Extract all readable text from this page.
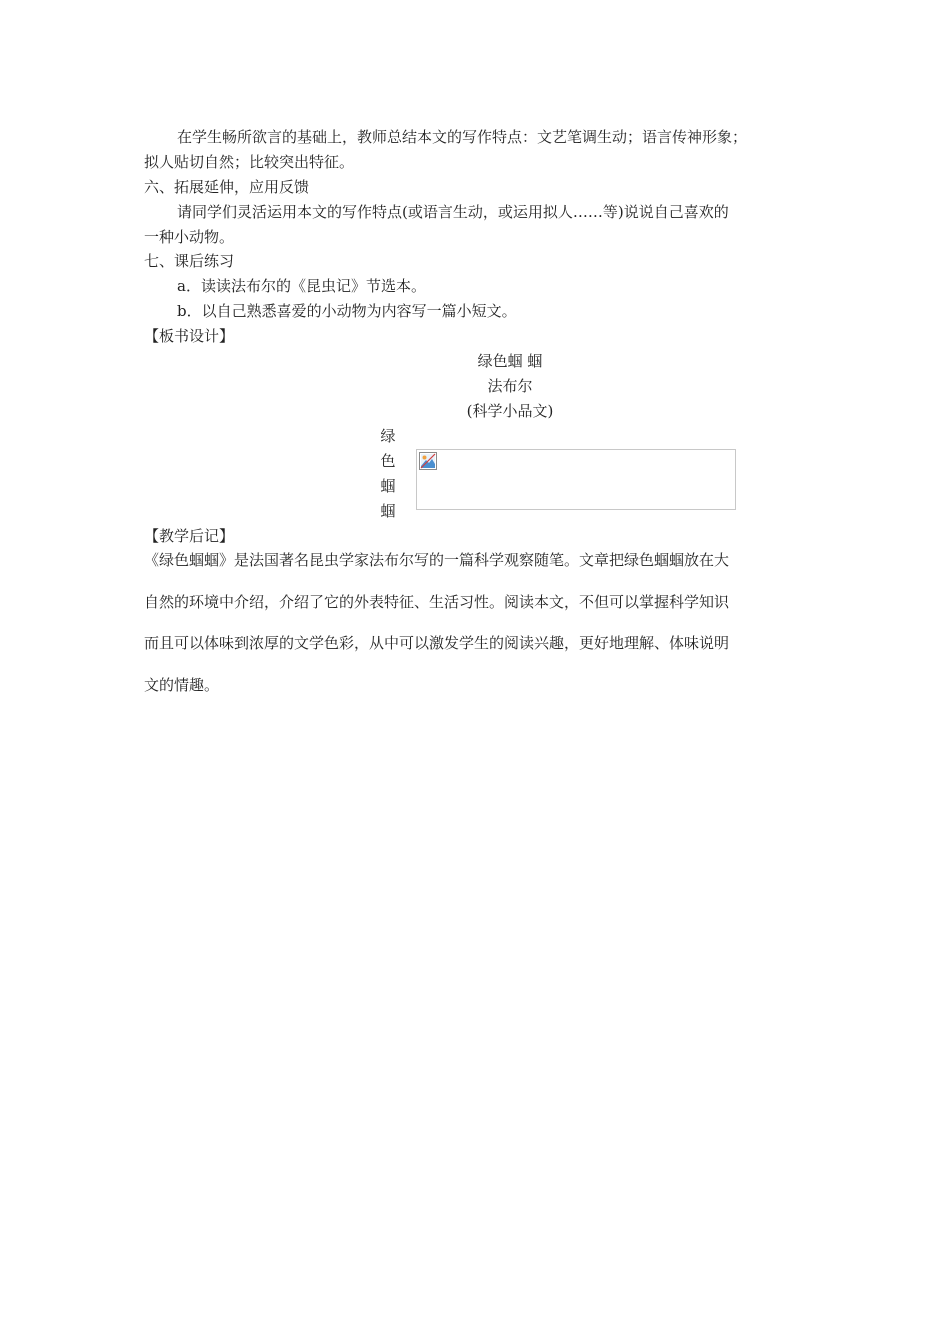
在学生畅所欲言的基础上，教师总结本文的写作特点：文艺笔调生动；语言传神形象；
拟人贴切自然；比较突出特征。
六、拓展延伸，应用反馈
请同学们灵活运用本文的写作特点(或语言生动，或运用拟人……等)说说自己喜欢的
一种小动物。
七、课后练习
a．读读法布尔的《昆虫记》节选本。
b．以自己熟悉喜爱的小动物为内容写一篇小短文。
【板书设计】
绿色蝈 蝈
法布尔
(科学小品文)
绿
色
蝈
蝈
【教学后记】
《绿色蝈蝈》是法国著名昆虫学家法布尔写的一篇科学观察随笔。文章把绿色蝈蝈放在大
自然的环境中介绍，介绍了它的外表特征、生活习性。阅读本文，不但可以掌握科学知识
而且可以体味到浓厚的文学色彩，从中可以激发学生的阅读兴趣，更好地理解、体味说明
文的情趣。
